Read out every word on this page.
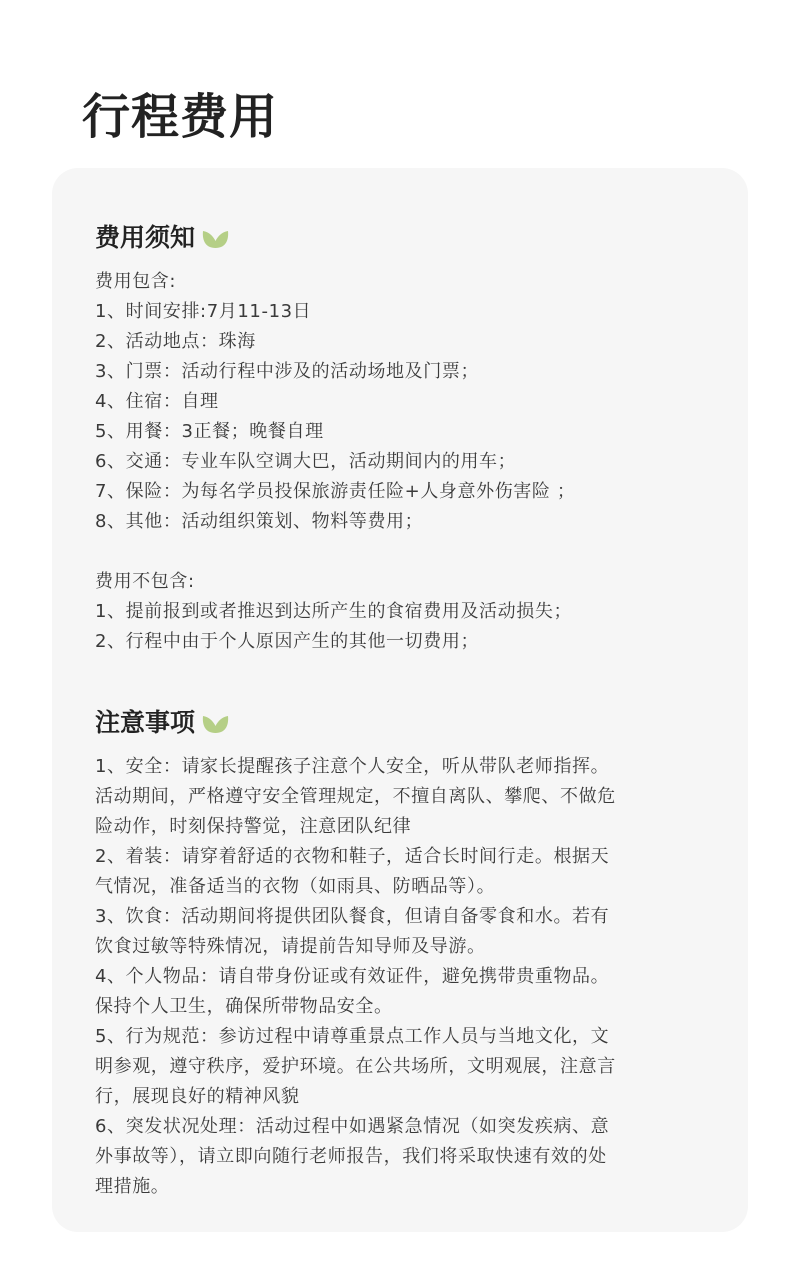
行程费用
费用须知
费用包含:
1、时间安排:7月11-13日
2、活动地点：珠海
3、门票：活动行程中涉及的活动场地及门票；
4、住宿：自理
5、用餐：3正餐；晚餐自理
6、交通：专业车队空调大巴，活动期间内的用车；
7、保险：为每名学员投保旅游责任险+人身意外伤害险 ；
8、其他：活动组织策划、物料等费用；
费用不包含:
1、提前报到或者推迟到达所产生的食宿费用及活动损失；
2、行程中由于个人原因产生的其他一切费用；
注意事项
1、安全：请家长提醒孩子注意个人安全，听从带队老师指挥。
活动期间，严格遵守安全管理规定，不擅自离队、攀爬、不做危
险动作，时刻保持警觉，注意团队纪律
2、着装：请穿着舒适的衣物和鞋子，适合长时间行走。根据天
气情况，准备适当的衣物（如雨具、防晒品等）。
3、饮食：活动期间将提供团队餐食，但请自备零食和水。若有
饮食过敏等特殊情况，请提前告知导师及导游。
4、个人物品：请自带身份证或有效证件，避免携带贵重物品。
保持个人卫生，确保所带物品安全。
5、行为规范：参访过程中请尊重景点工作人员与当地文化，文
明参观，遵守秩序，爱护环境。在公共场所，文明观展，注意言
行，展现良好的精神风貌
6、突发状况处理：活动过程中如遇紧急情况（如突发疾病、意
外事故等），请立即向随行老师报告，我们将采取快速有效的处
理措施。
